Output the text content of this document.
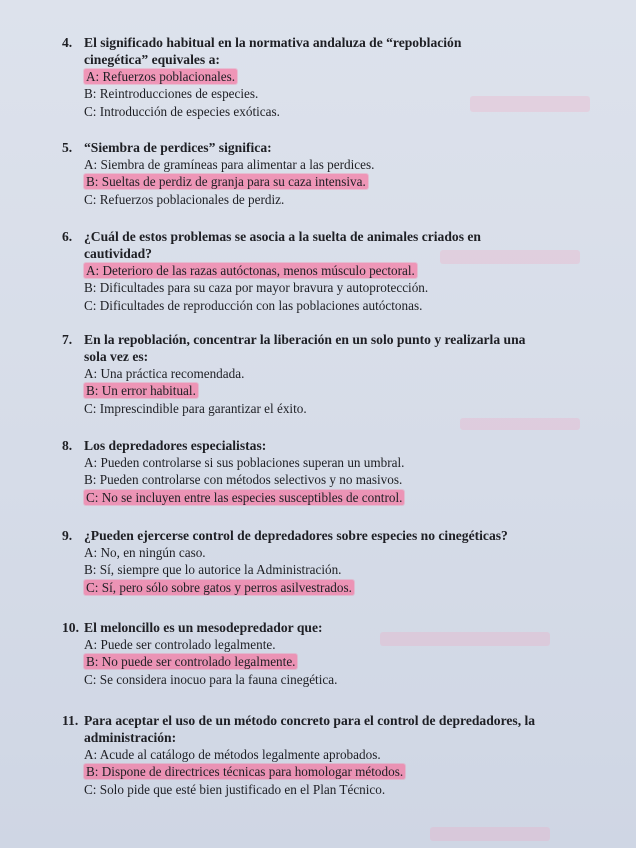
4. El significado habitual en la normativa andaluza de “repoblación cinegética” equivales a:
A: Refuerzos poblacionales.
B: Reintroducciones de especies.
C: Introducción de especies exóticas.
5. “Siembra de perdices” significa:
A: Siembra de gramíneas para alimentar a las perdices.
B: Sueltas de perdiz de granja para su caza intensiva.
C: Refuerzos poblacionales de perdiz.
6. ¿Cuál de estos problemas se asocia a la suelta de animales criados en cautividad?
A: Deterioro de las razas autóctonas, menos músculo pectoral.
B: Dificultades para su caza por mayor bravura y autoprotección.
C: Dificultades de reproducción con las poblaciones autóctonas.
7. En la repoblación, concentrar la liberación en un solo punto y realizarla una sola vez es:
A: Una práctica recomendada.
B: Un error habitual.
C: Imprescindible para garantizar el éxito.
8. Los depredadores especialistas:
A: Pueden controlarse si sus poblaciones superan un umbral.
B: Pueden controlarse con métodos selectivos y no masivos.
C: No se incluyen entre las especies susceptibles de control.
9. ¿Pueden ejercerse control de depredadores sobre especies no cinegéticas?
A: No, en ningún caso.
B: Sí, siempre que lo autorice la Administración.
C: Sí, pero sólo sobre gatos y perros asilvestrados.
10. El meloncillo es un mesodepredador que:
A: Puede ser controlado legalmente.
B: No puede ser controlado legalmente.
C: Se considera inocuo para la fauna cinegética.
11. Para aceptar el uso de un método concreto para el control de depredadores, la administración:
A: Acude al catálogo de métodos legalmente aprobados.
B: Dispone de directrices técnicas para homologar métodos.
C: Solo pide que esté bien justificado en el Plan Técnico.
